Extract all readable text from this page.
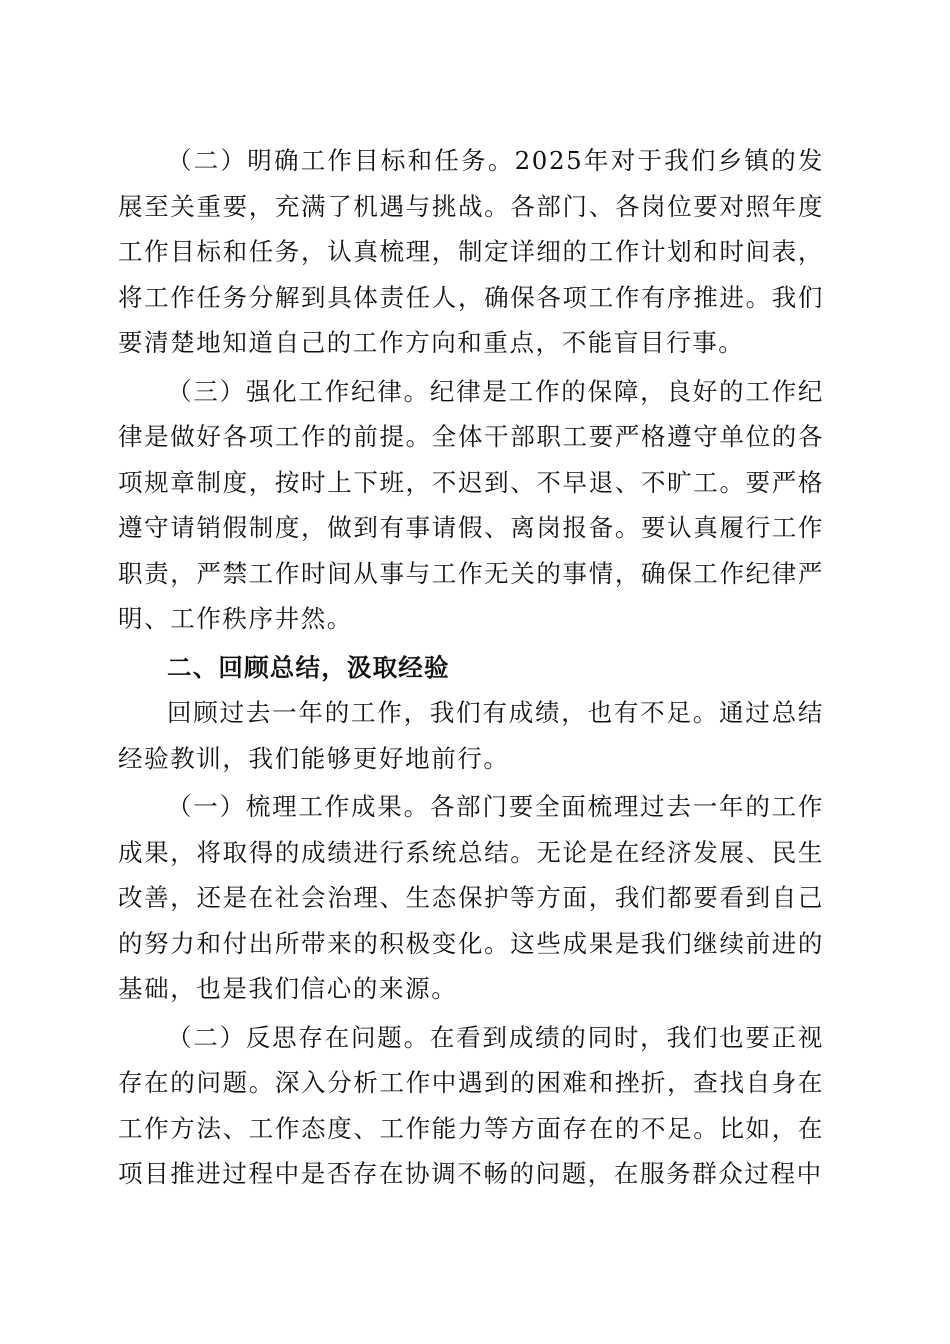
（二）明确工作目标和任务。2025年对于我们乡镇的发展至关重要，充满了机遇与挑战。各部门、各岗位要对照年度工作目标和任务，认真梳理，制定详细的工作计划和时间表，将工作任务分解到具体责任人，确保各项工作有序推进。我们要清楚地知道自己的工作方向和重点，不能盲目行事。

（三）强化工作纪律。纪律是工作的保障，良好的工作纪律是做好各项工作的前提。全体干部职工要严格遵守单位的各项规章制度，按时上下班，不迟到、不早退、不旷工。要严格遵守请销假制度，做到有事请假、离岗报备。要认真履行工作职责，严禁工作时间从事与工作无关的事情，确保工作纪律严明、工作秩序井然。

二、回顾总结，汲取经验

回顾过去一年的工作，我们有成绩，也有不足。通过总结经验教训，我们能够更好地前行。

（一）梳理工作成果。各部门要全面梳理过去一年的工作成果，将取得的成绩进行系统总结。无论是在经济发展、民生改善，还是在社会治理、生态保护等方面，我们都要看到自己的努力和付出所带来的积极变化。这些成果是我们继续前进的基础，也是我们信心的来源。

（二）反思存在问题。在看到成绩的同时，我们也要正视存在的问题。深入分析工作中遇到的困难和挫折，查找自身在工作方法、工作态度、工作能力等方面存在的不足。比如，在项目推进过程中是否存在协调不畅的问题，在服务群众过程中
